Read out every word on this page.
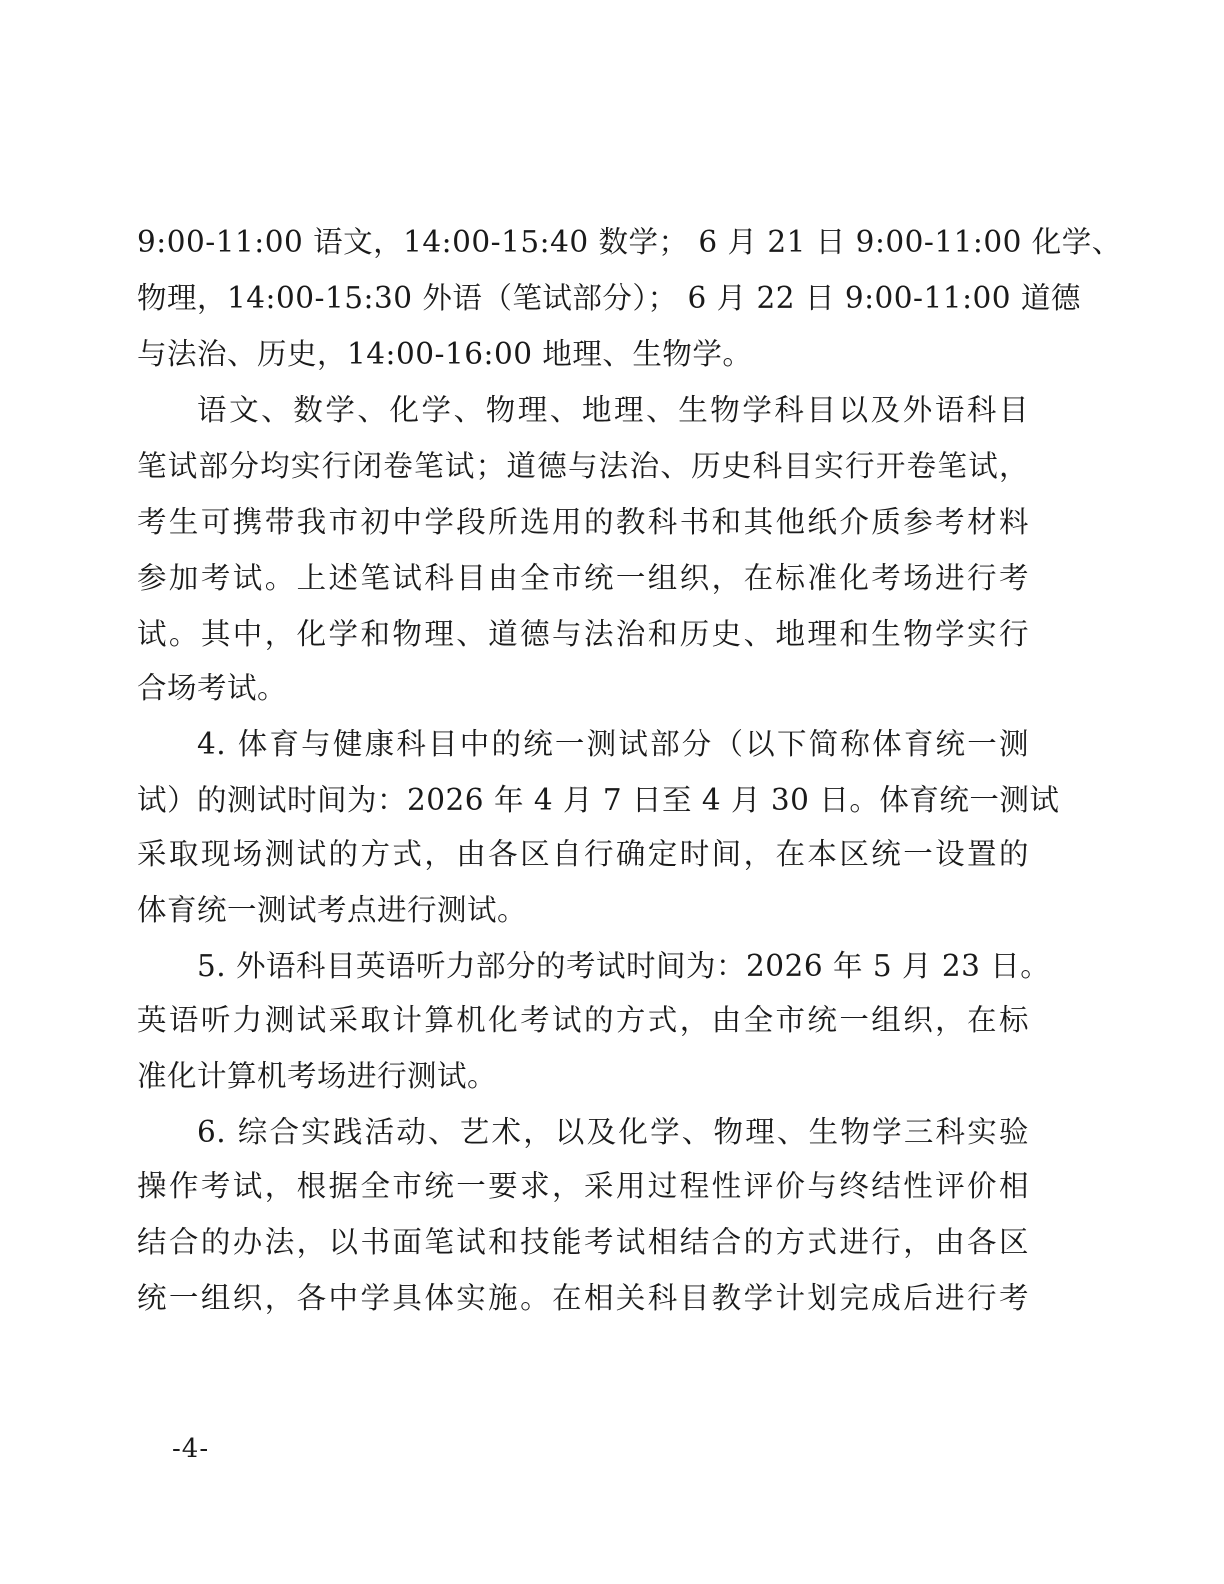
9:00-11:00 语文，14:00-15:40 数学； 6 月 21 日 9:00-11:00 化学、
物理，14:00-15:30 外语（笔试部分）； 6 月 22 日 9:00-11:00 道德
与法治、历史，14:00-16:00 地理、生物学。
语文、数学、化学、物理、地理、生物学科目以及外语科目
笔试部分均实行闭卷笔试；道德与法治、历史科目实行开卷笔试，
考生可携带我市初中学段所选用的教科书和其他纸介质参考材料
参加考试。上述笔试科目由全市统一组织，在标准化考场进行考
试。其中，化学和物理、道德与法治和历史、地理和生物学实行
合场考试。
4. 体育与健康科目中的统一测试部分（以下简称体育统一测
试）的测试时间为：2026 年 4 月 7 日至 4 月 30 日。体育统一测试
采取现场测试的方式，由各区自行确定时间，在本区统一设置的
体育统一测试考点进行测试。
5. 外语科目英语听力部分的考试时间为：2026 年 5 月 23 日。
英语听力测试采取计算机化考试的方式，由全市统一组织，在标
准化计算机考场进行测试。
6. 综合实践活动、艺术，以及化学、物理、生物学三科实验
操作考试，根据全市统一要求，采用过程性评价与终结性评价相
结合的办法，以书面笔试和技能考试相结合的方式进行，由各区
统一组织，各中学具体实施。在相关科目教学计划完成后进行考
-4-
